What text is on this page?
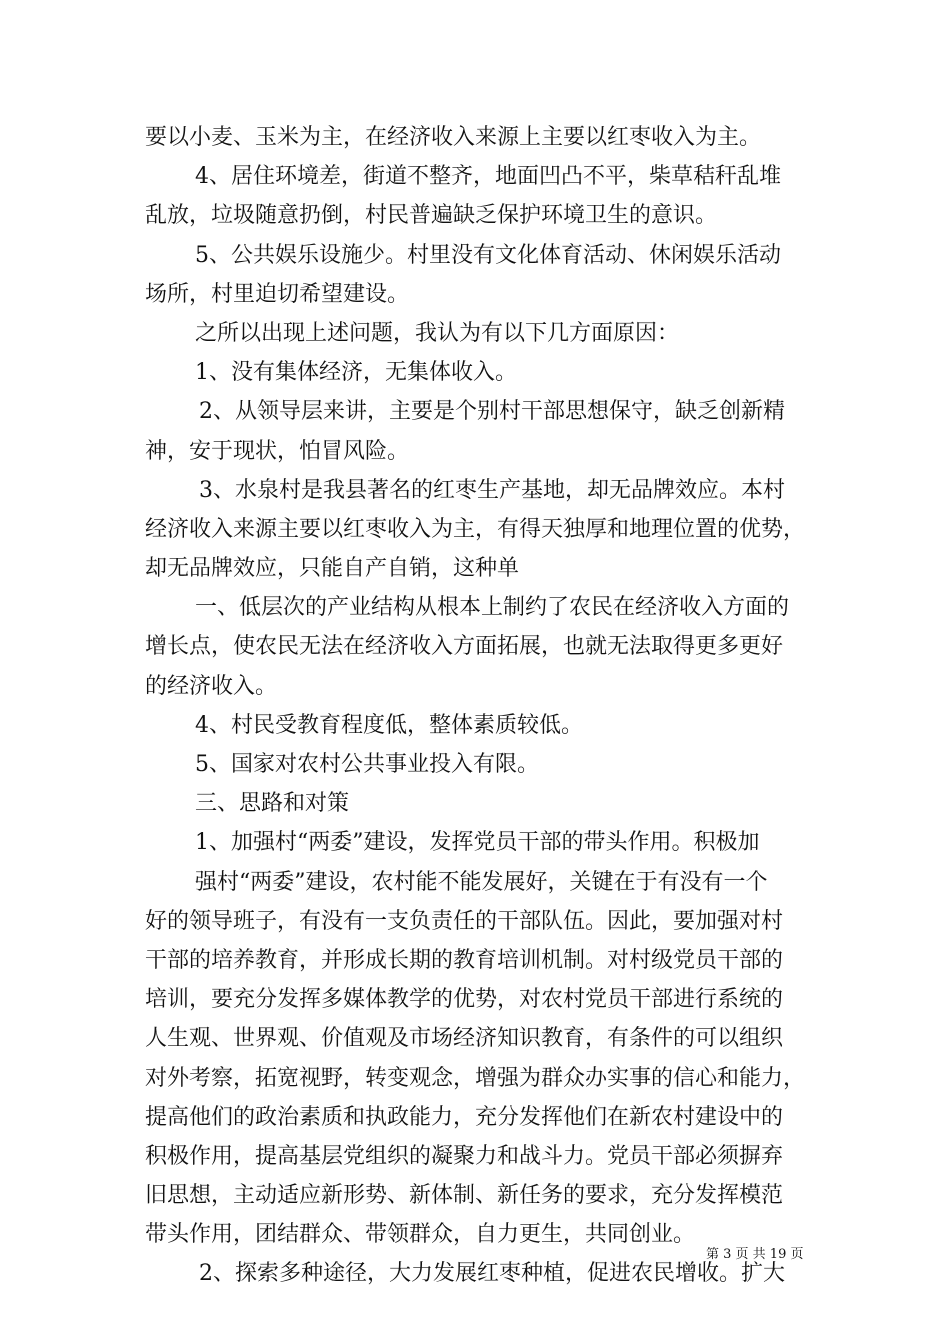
要以小麦、玉米为主，在经济收入来源上主要以红枣收入为主。
4、居住环境差，街道不整齐，地面凹凸不平，柴草秸秆乱堆
乱放，垃圾随意扔倒，村民普遍缺乏保护环境卫生的意识。
5、公共娱乐设施少。村里没有文化体育活动、休闲娱乐活动
场所，村里迫切希望建设。
之所以出现上述问题，我认为有以下几方面原因：
1、没有集体经济，无集体收入。
2、从领导层来讲，主要是个别村干部思想保守，缺乏创新精
神，安于现状，怕冒风险。
3、水泉村是我县著名的红枣生产基地，却无品牌效应。本村
经济收入来源主要以红枣收入为主，有得天独厚和地理位置的优势，
却无品牌效应，只能自产自销，这种单
一、低层次的产业结构从根本上制约了农民在经济收入方面的
增长点，使农民无法在经济收入方面拓展，也就无法取得更多更好
的经济收入。
4、村民受教育程度低，整体素质较低。
5、国家对农村公共事业投入有限。
三、思路和对策
1、加强村“两委”建设，发挥党员干部的带头作用。积极加
强村“两委”建设，农村能不能发展好，关键在于有没有一个
好的领导班子，有没有一支负责任的干部队伍。因此，要加强对村
干部的培养教育，并形成长期的教育培训机制。对村级党员干部的
培训，要充分发挥多媒体教学的优势，对农村党员干部进行系统的
人生观、世界观、价值观及市场经济知识教育，有条件的可以组织
对外考察，拓宽视野，转变观念，增强为群众办实事的信心和能力，
提高他们的政治素质和执政能力，充分发挥他们在新农村建设中的
积极作用，提高基层党组织的凝聚力和战斗力。党员干部必须摒弃
旧思想，主动适应新形势、新体制、新任务的要求，充分发挥模范
带头作用，团结群众、带领群众，自力更生，共同创业。
2、探索多种途径，大力发展红枣种植，促进农民增收。扩大
第 3 页 共 19 页
